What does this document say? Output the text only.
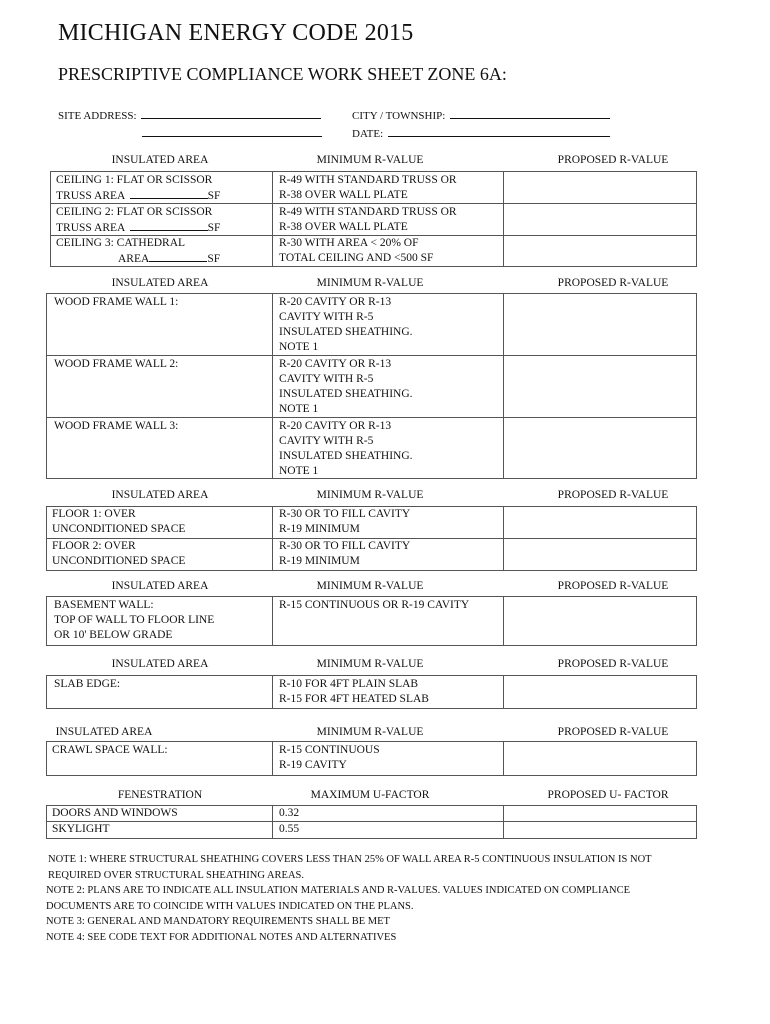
MICHIGAN ENERGY CODE 2015
PRESCRIPTIVE COMPLIANCE WORK SHEET ZONE 6A:
SITE ADDRESS:	CITY / TOWNSHIP:
DATE:
INSULATED AREA	MINIMUM R-VALUE	PROPOSED R-VALUE
CEILING 1: FLAT OR SCISSOR
TRUSS AREA	SF
R-49 WITH STANDARD TRUSS OR
R-38 OVER WALL PLATE
CEILING 2: FLAT OR SCISSOR
TRUSS AREA	SF
R-49 WITH STANDARD TRUSS OR
R-38 OVER WALL PLATE
CEILING 3: CATHEDRAL
AREA	SF
R-30 WITH AREA < 20% OF
TOTAL CEILING AND <500 SF
INSULATED AREA	MINIMUM R-VALUE	PROPOSED R-VALUE
WOOD FRAME WALL 1:	R-20 CAVITY OR R-13
CAVITY WITH R-5
INSULATED SHEATHING.
NOTE 1
WOOD FRAME WALL 2:	R-20 CAVITY OR R-13
CAVITY WITH R-5
INSULATED SHEATHING.
NOTE 1
WOOD FRAME WALL 3:	R-20 CAVITY OR R-13
CAVITY WITH R-5
INSULATED SHEATHING.
NOTE 1
INSULATED AREA	MINIMUM R-VALUE	PROPOSED R-VALUE
FLOOR 1: OVER
UNCONDITIONED SPACE
R-30 OR TO FILL CAVITY
R-19 MINIMUM
FLOOR 2: OVER
UNCONDITIONED SPACE
R-30 OR TO FILL CAVITY
R-19 MINIMUM
INSULATED AREA	MINIMUM R-VALUE	PROPOSED R-VALUE
BASEMENT WALL:
TOP OF WALL TO FLOOR LINE
OR 10' BELOW GRADE
R-15 CONTINUOUS OR R-19 CAVITY
INSULATED AREA	MINIMUM R-VALUE	PROPOSED R-VALUE
SLAB EDGE:	R-10 FOR 4FT PLAIN SLAB
R-15 FOR 4FT HEATED SLAB
INSULATED AREA	MINIMUM R-VALUE	PROPOSED R-VALUE
CRAWL SPACE WALL:	R-15 CONTINUOUS
R-19 CAVITY
FENESTRATION	MAXIMUM U-FACTOR	PROPOSED U- FACTOR
DOORS AND WINDOWS	0.32
SKYLIGHT	0.55
NOTE 1: WHERE STRUCTURAL SHEATHING COVERS LESS THAN 25% OF WALL AREA R-5 CONTINUOUS INSULATION IS NOT
REQUIRED OVER STRUCTURAL SHEATHING AREAS.
NOTE 2: PLANS ARE TO INDICATE ALL INSULATION MATERIALS AND R-VALUES. VALUES INDICATED ON COMPLIANCE
DOCUMENTS ARE TO COINCIDE WITH VALUES INDICATED ON THE PLANS.
NOTE 3: GENERAL AND MANDATORY REQUIREMENTS SHALL BE MET
NOTE 4: SEE CODE TEXT FOR ADDITIONAL NOTES AND ALTERNATIVES
